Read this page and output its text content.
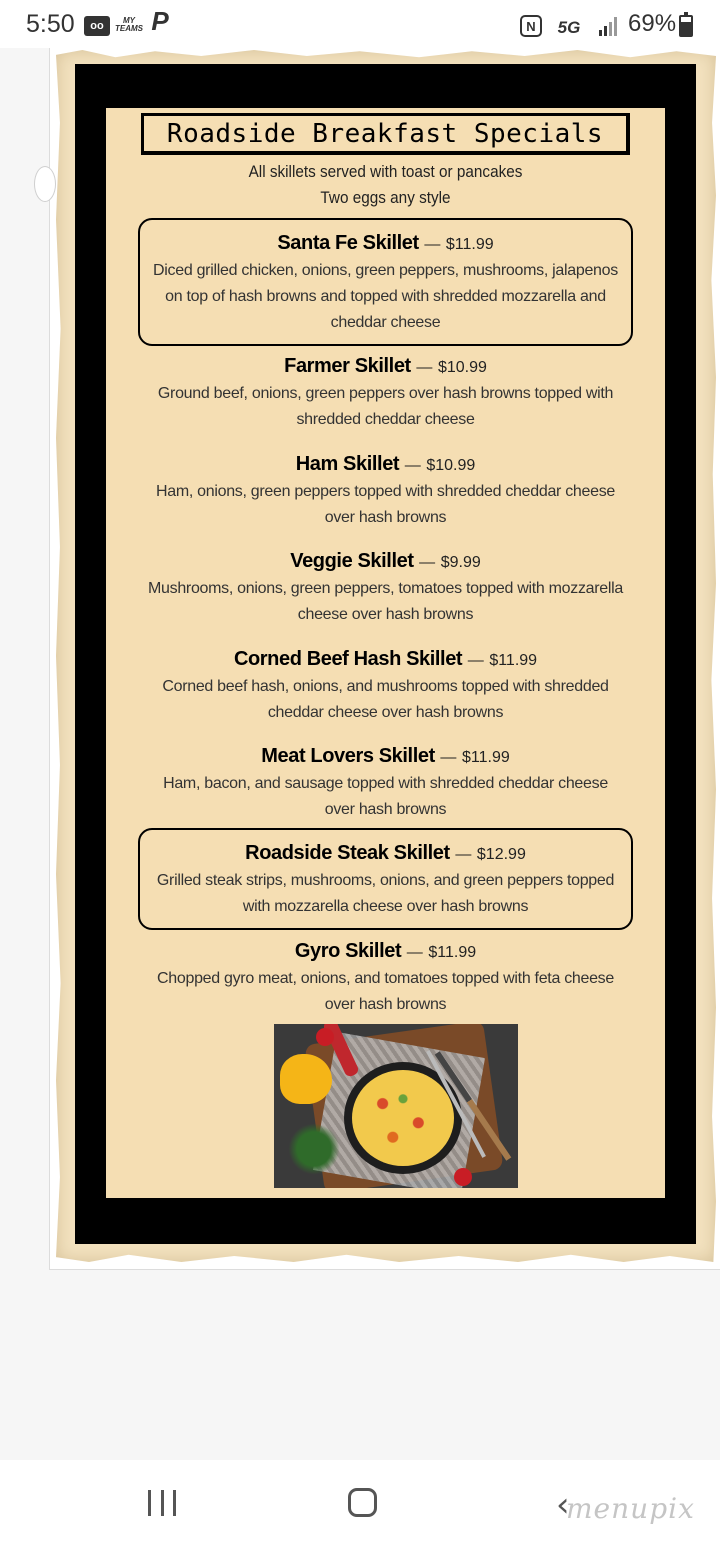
5:50	oo	MY TEAMS P	N	5G 69%
Roadside Breakfast Specials
All skillets served with toast or pancakes
Two eggs any style
Santa Fe Skillet — $11.99
Diced grilled chicken, onions, green peppers, mushrooms, jalapenos on top of hash browns and topped with shredded mozzarella and cheddar cheese
Farmer Skillet — $10.99
Ground beef, onions, green peppers over hash browns topped with shredded cheddar cheese
Ham Skillet — $10.99
Ham, onions, green peppers topped with shredded cheddar cheese over hash browns
Veggie Skillet — $9.99
Mushrooms, onions, green peppers, tomatoes topped with mozzarella cheese over hash browns
Corned Beef Hash Skillet — $11.99
Corned beef hash, onions, and mushrooms topped with shredded cheddar cheese over hash browns
Meat Lovers Skillet — $11.99
Ham, bacon, and sausage topped with shredded cheddar cheese over hash browns
Roadside Steak Skillet — $12.99
Grilled steak strips, mushrooms, onions, and green peppers topped with mozzarella cheese over hash browns
Gyro Skillet — $11.99
Chopped gyro meat, onions, and tomatoes topped with feta cheese over hash browns
‹
menupix
